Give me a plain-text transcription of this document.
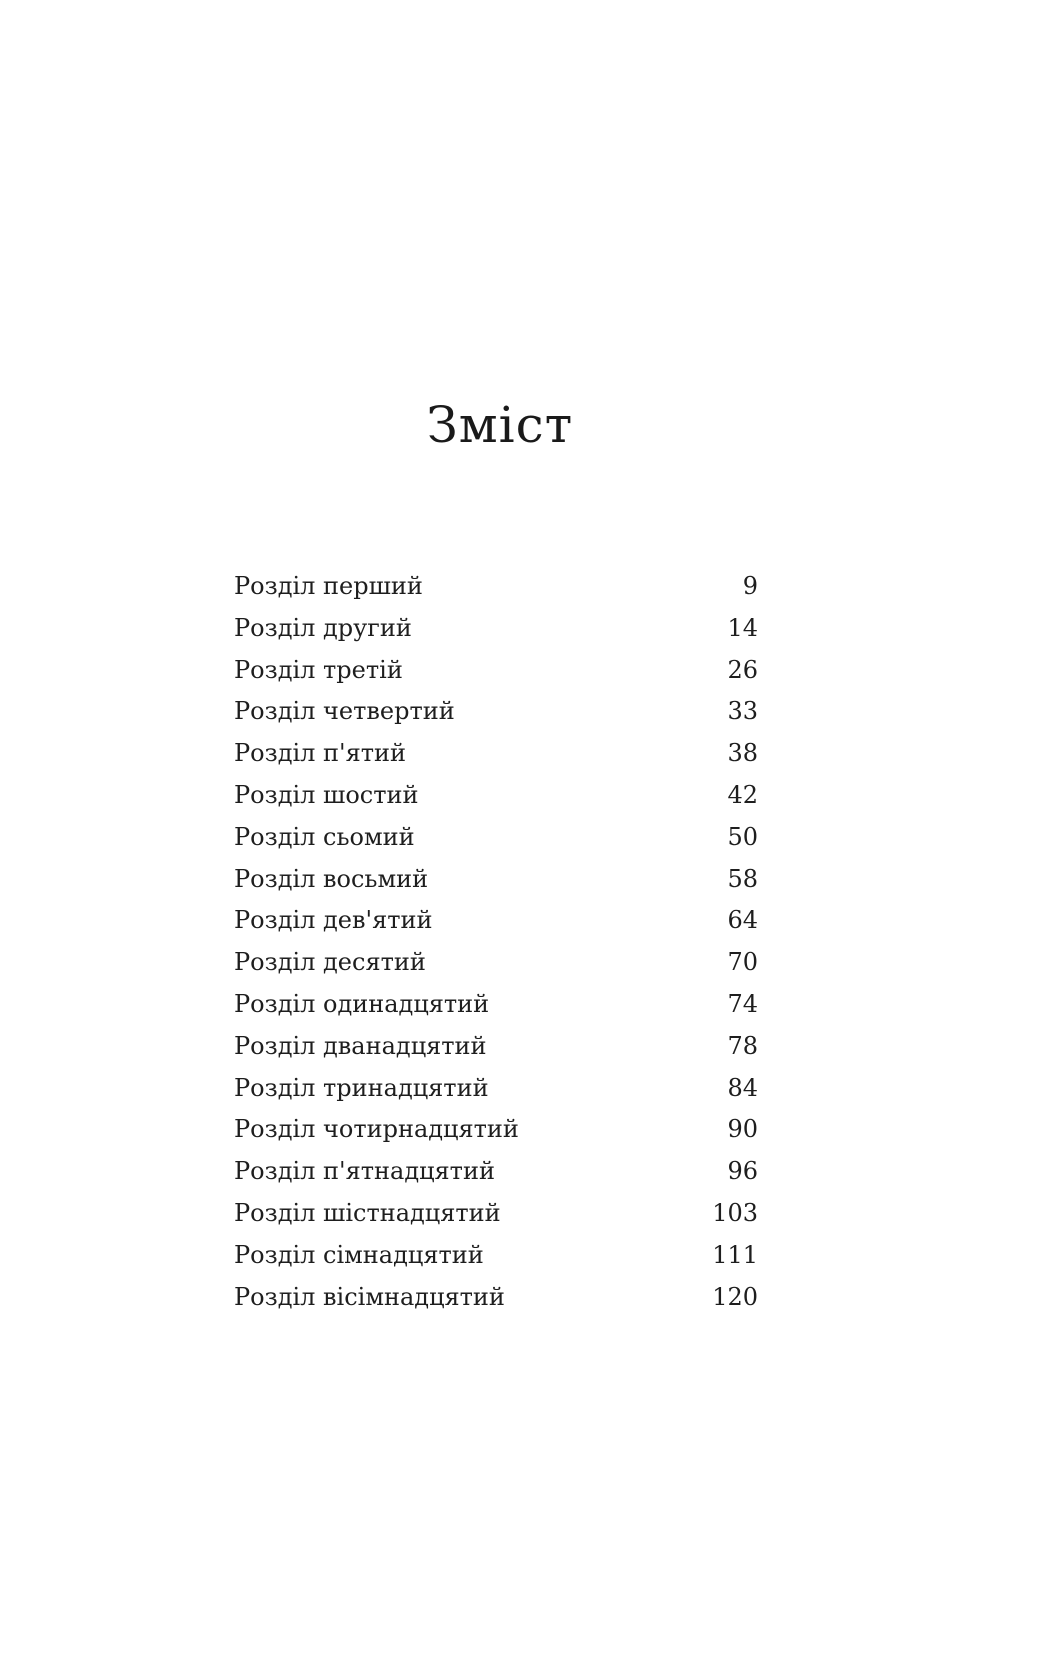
Зміст
Розділ перший	9
Розділ другий	14
Розділ третій	26
Розділ четвертий	33
Розділ п'ятий	38
Розділ шостий	42
Розділ сьомий	50
Розділ восьмий	58
Розділ дев'ятий	64
Розділ десятий	70
Розділ одинадцятий	74
Розділ дванадцятий	78
Розділ тринадцятий	84
Розділ чотирнадцятий	90
Розділ п'ятнадцятий	96
Розділ шістнадцятий	103
Розділ сімнадцятий	111
Розділ вісімнадцятий	120
